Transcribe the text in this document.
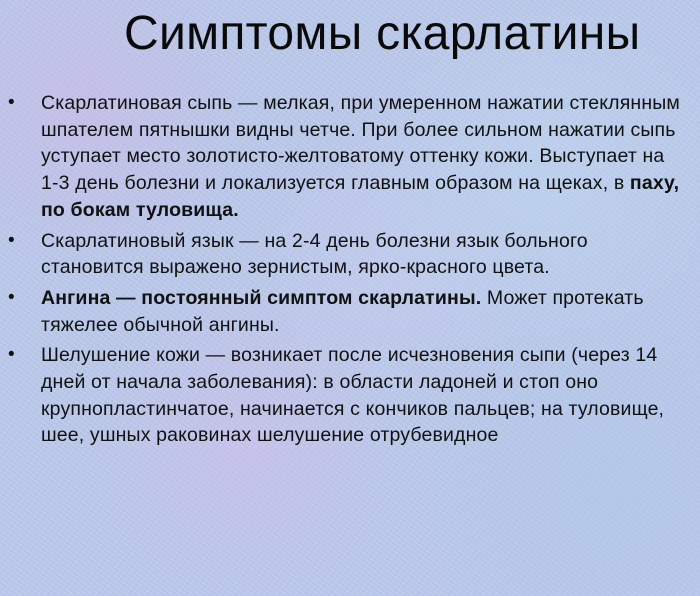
Симптомы скарлатины
• Скарлатиновая сыпь — мелкая, при умеренном нажатии стеклянным шпателем пятнышки видны четче. При более сильном нажатии сыпь уступает место золотисто-желтоватому оттенку кожи. Выступает на 1-3 день болезни и локализуется главным образом на щеках, в паху, по бокам туловища.
• Скарлатиновый язык — на 2-4 день болезни язык больного становится выражено зернистым, ярко-красного цвета.
• Ангина — постоянный симптом скарлатины. Может протекать тяжелее обычной ангины.
• Шелушение кожи — возникает после исчезновения сыпи (через 14 дней от начала заболевания): в области ладоней и стоп оно крупнопластинчатое, начинается с кончиков пальцев; на туловище, шее, ушных раковинах шелушение отрубевидное
